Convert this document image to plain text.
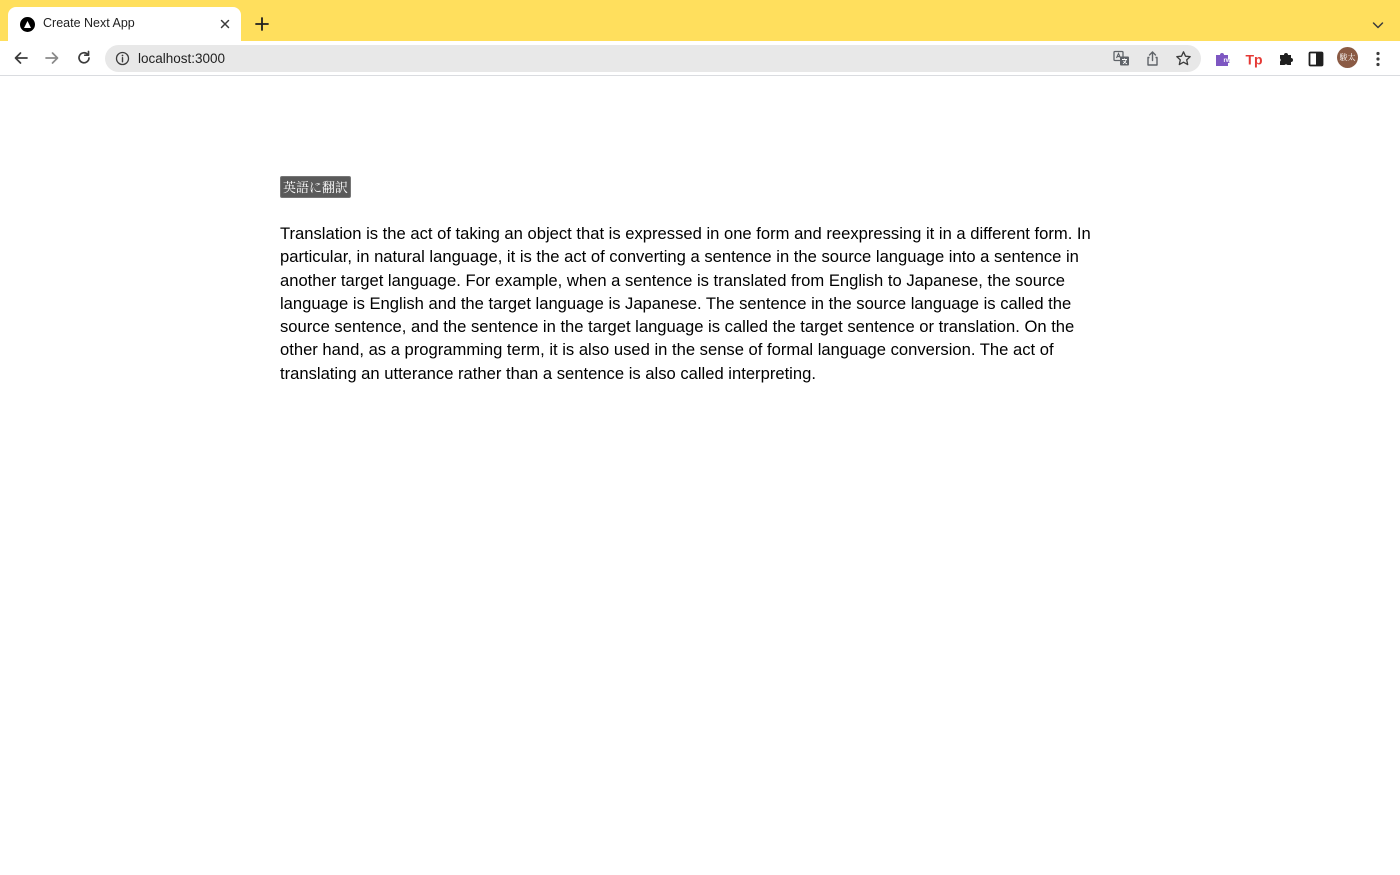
Create Next App
localhost:3000	rw Tp	駿太
英語に翻訳

Translation is the act of taking an object that is expressed in one form and reexpressing it in a different form. In particular, in natural language, it is the act of converting a sentence in the source language into a sentence in another target language. For example, when a sentence is translated from English to Japanese, the source language is English and the target language is Japanese. The sentence in the source language is called the source sentence, and the sentence in the target language is called the target sentence or translation. On the other hand, as a programming term, it is also used in the sense of formal language conversion. The act of translating an utterance rather than a sentence is also called interpreting.
